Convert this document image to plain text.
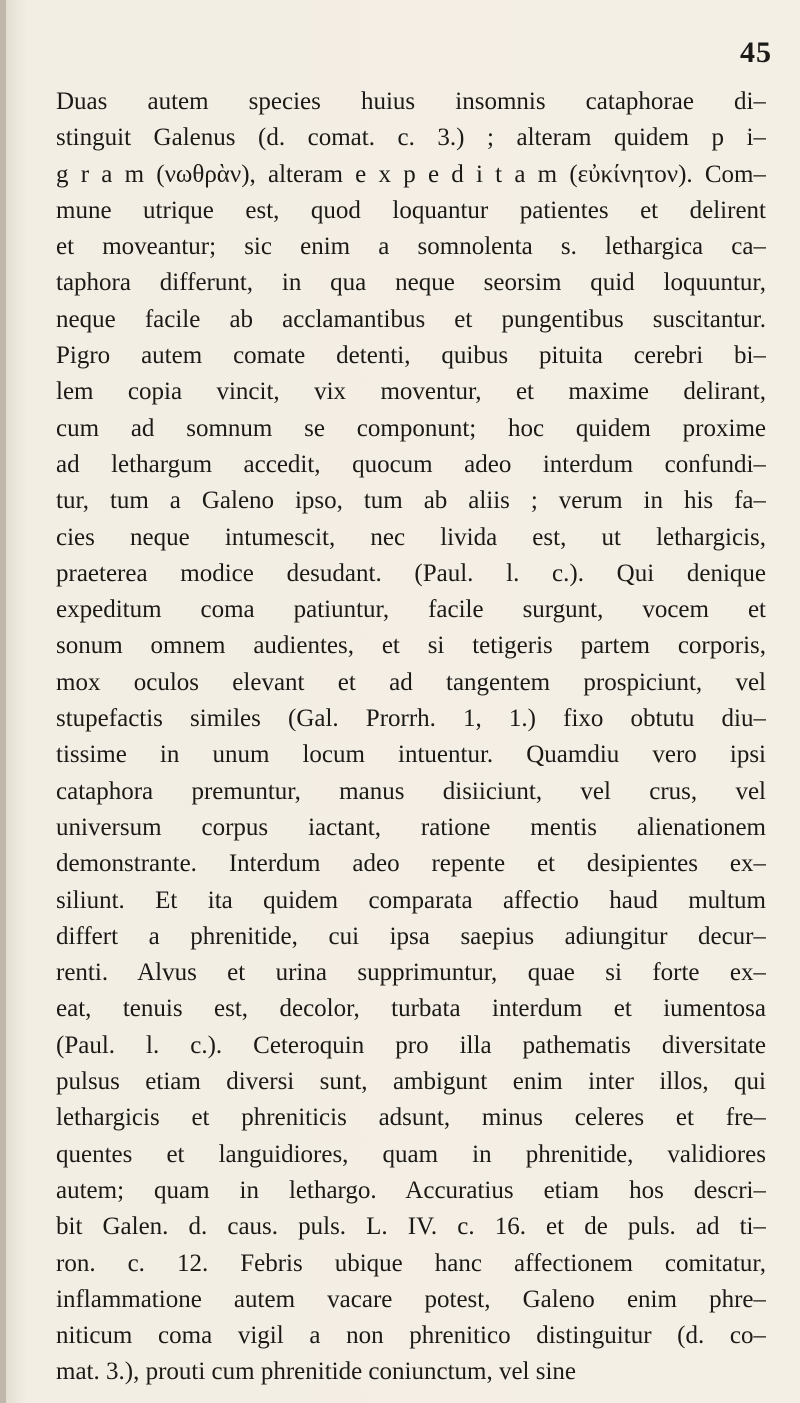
45
Duas autem species huius insomnis cataphorae di–
stinguit Galenus (d. comat. c. 3.) ; alteram quidem p i–
g r a m (νωθρὰν), alteram e x p e d i t a m (εὐκίνητον). Com–
mune utrique est, quod loquantur patientes et delirent
et moveantur; sic enim a somnolenta s. lethargica ca–
taphora differunt, in qua neque seorsim quid loquuntur,
neque facile ab acclamantibus et pungentibus suscitantur.
Pigro autem comate detenti, quibus pituita cerebri bi–
lem copia vincit, vix moventur, et maxime delirant,
cum ad somnum se componunt; hoc quidem proxime
ad lethargum accedit, quocum adeo interdum confundi–
tur, tum a Galeno ipso, tum ab aliis ; verum in his fa–
cies neque intumescit, nec livida est, ut lethargicis,
praeterea modice desudant. (Paul. l. c.). Qui denique
expeditum coma patiuntur, facile surgunt, vocem et
sonum omnem audientes, et si tetigeris partem corporis,
mox oculos elevant et ad tangentem prospiciunt, vel
stupefactis similes (Gal. Prorrh. 1, 1.) fixo obtutu diu–
tissime in unum locum intuentur. Quamdiu vero ipsi
cataphora premuntur, manus disiiciunt, vel crus, vel
universum corpus iactant, ratione mentis alienationem
demonstrante. Interdum adeo repente et desipientes ex–
siliunt. Et ita quidem comparata affectio haud multum
differt a phrenitide, cui ipsa saepius adiungitur decur–
renti. Alvus et urina supprimuntur, quae si forte ex–
eat, tenuis est, decolor, turbata interdum et iumentosa
(Paul. l. c.). Ceteroquin pro illa pathematis diversitate
pulsus etiam diversi sunt, ambigunt enim inter illos, qui
lethargicis et phreniticis adsunt, minus celeres et fre–
quentes et languidiores, quam in phrenitide, validiores
autem; quam in lethargo. Accuratius etiam hos descri–
bit Galen. d. caus. puls. L. IV. c. 16. et de puls. ad ti–
ron. c. 12. Febris ubique hanc affectionem comitatur,
inflammatione autem vacare potest, Galeno enim phre–
niticum coma vigil a non phrenitico distinguitur (d. co–
mat. 3.), prouti cum phrenitide coniunctum, vel sine
